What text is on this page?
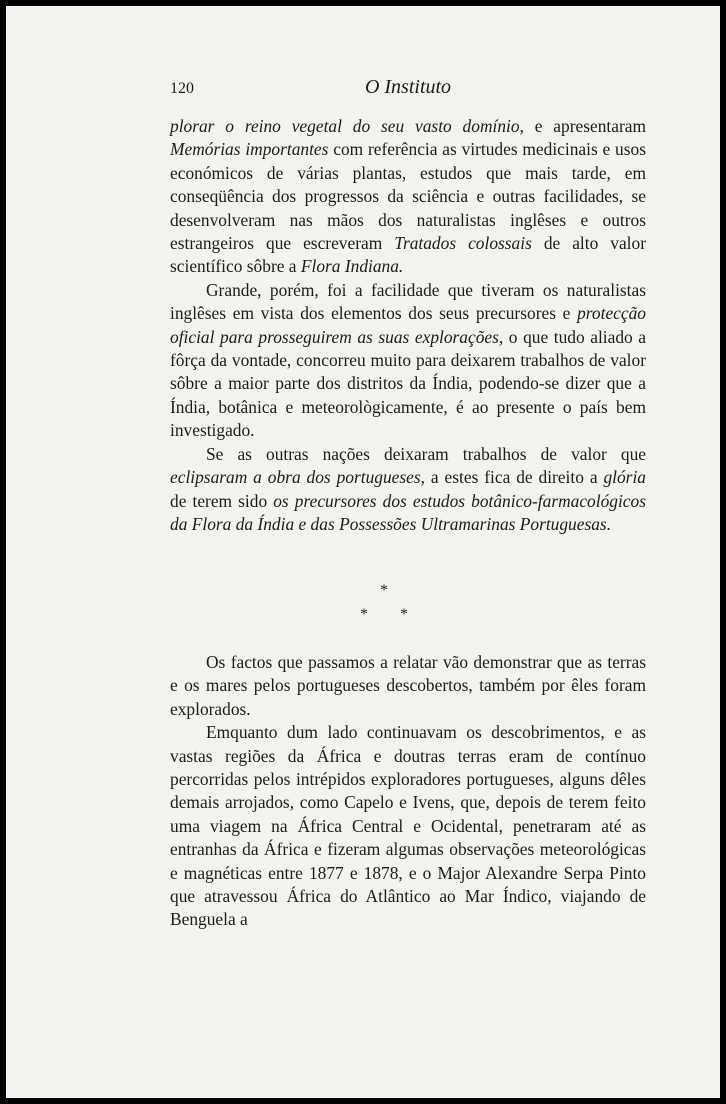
120	O Instituto

plorar o reino vegetal do seu vasto domínio, e apresentaram Memórias importantes com referência as virtudes medicinais e usos económicos de várias plantas, estudos que mais tarde, em conseqüência dos progressos da sciência e outras facilidades, se desenvolveram nas mãos dos naturalistas inglêses e outros estrangeiros que escreveram Tratados colossais de alto valor scientífico sôbre a Flora Indiana.

Grande, porém, foi a facilidade que tiveram os naturalistas inglêses em vista dos elementos dos seus precursores e protecção oficial para prosseguirem as suas explorações, o que tudo aliado a fôrça da vontade, concorreu muito para deixarem trabalhos de valor sôbre a maior parte dos distritos da Índia, podendo-se dizer que a Índia, botânica e meteorològicamente, é ao presente o país bem investigado.

Se as outras nações deixaram trabalhos de valor que eclipsaram a obra dos portugueses, a estes fica de direito a glória de terem sido os precursores dos estudos botânico-farmacológicos da Flora da Índia e das Possessões Ultramarinas Portuguesas.

*
* *

Os factos que passamos a relatar vão demonstrar que as terras e os mares pelos portugueses descobertos, também por êles foram explorados.

Emquanto dum lado continuavam os descobrimentos, e as vastas regiões da África e doutras terras eram de contínuo percorridas pelos intrépidos exploradores portugueses, alguns dêles demais arrojados, como Capelo e Ivens, que, depois de terem feito uma viagem na África Central e Ocidental, penetraram até as entranhas da África e fizeram algumas observações meteorológicas e magnéticas entre 1877 e 1878, e o Major Alexandre Serpa Pinto que atravessou África do Atlântico ao Mar Índico, viajando de Benguela a
